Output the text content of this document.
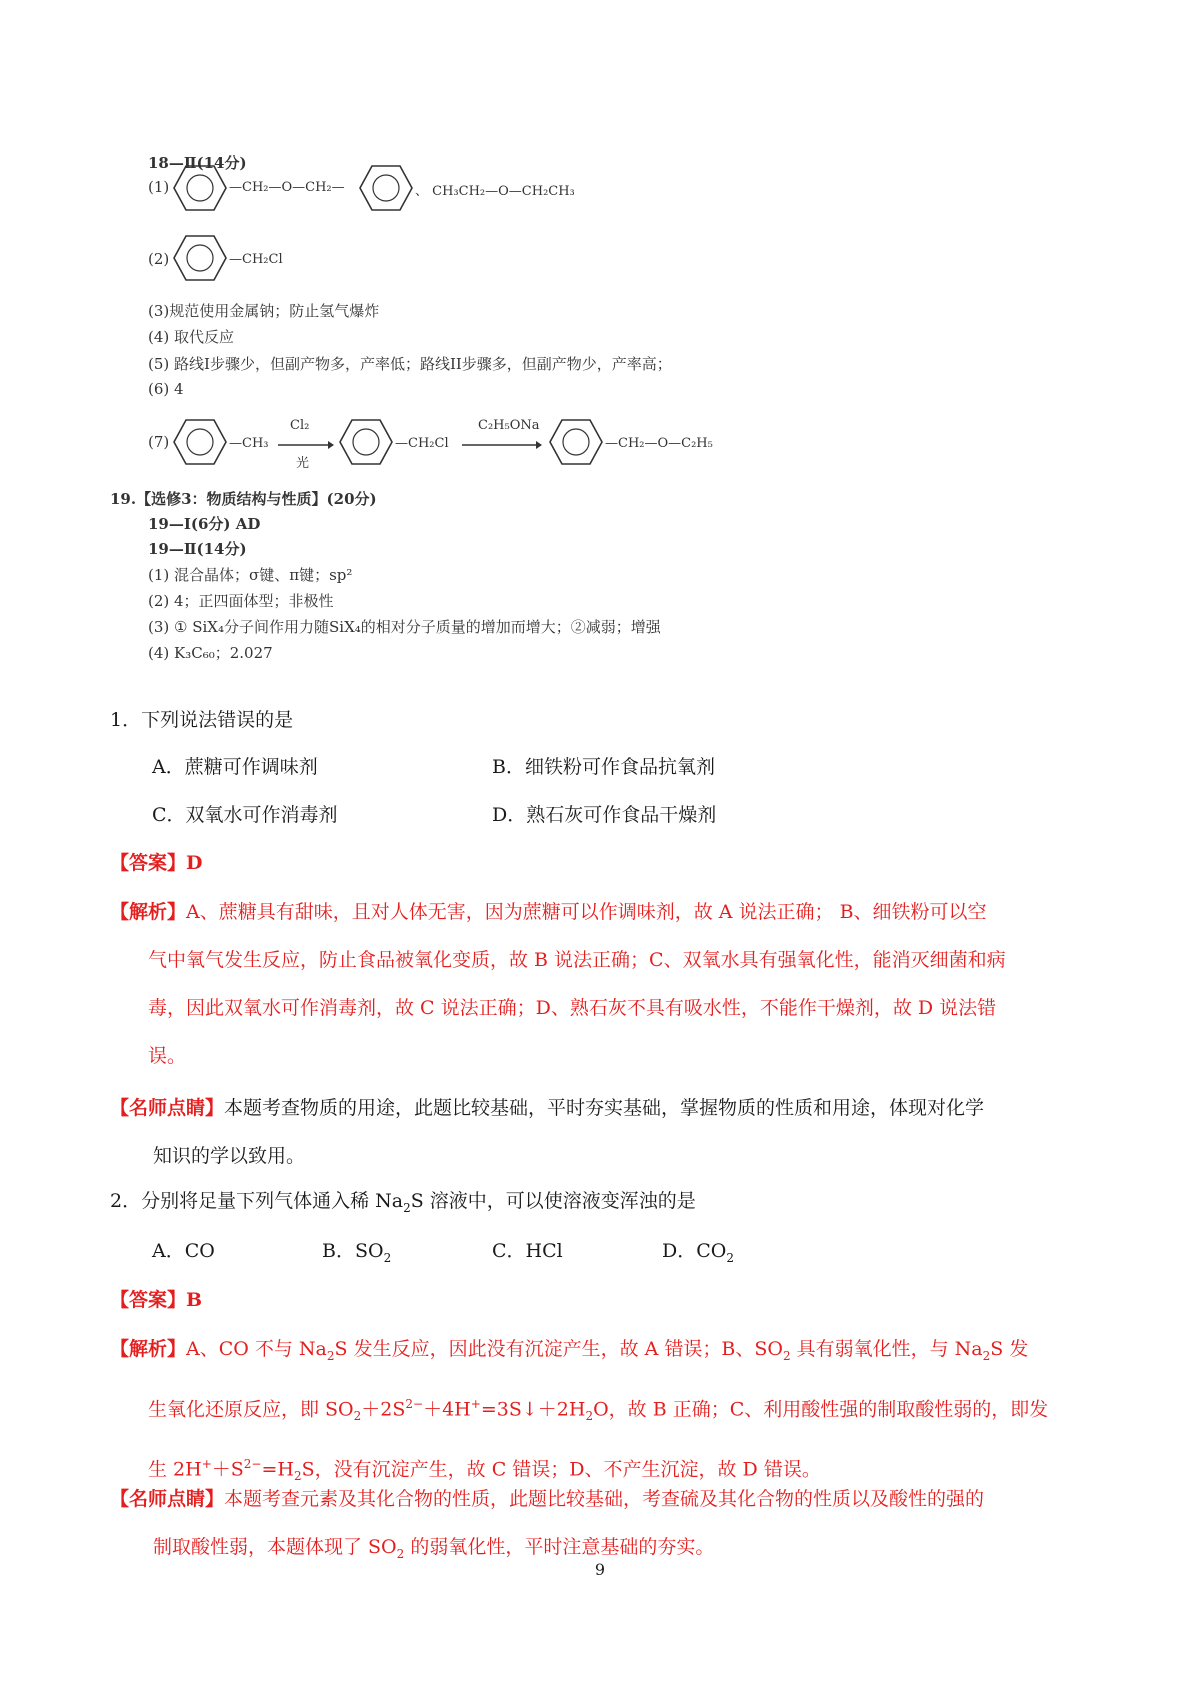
18—Ⅱ(14分)
(1)	—CH₂—O—CH₂—	、 CH₃CH₂—O—CH₂CH₃
(2)	—CH₂Cl
(3)规范使用金属钠；防止氢气爆炸
(4) 取代反应
(5) 路线I步骤少，但副产物多，产率低；路线II步骤多，但副产物少，产率高；
(6) 4
(7)	—CH₃
Cl₂
光
—CH₂Cl
C₂H₅ONa
—CH₂—O—C₂H₅
19.【选修3：物质结构与性质】(20分)
19—Ⅰ(6分) AD
19—Ⅱ(14分)
(1) 混合晶体；σ键、π键；sp²
(2) 4；正四面体型；非极性
(3) ① SiX₄分子间作用力随SiX₄的相对分子质量的增加而增大；②减弱；增强
(4) K₃C₆₀；2.027
1．下列说法错误的是
A．蔗糖可作调味剂	B．细铁粉可作食品抗氧剂
C．双氧水可作消毒剂	D．熟石灰可作食品干燥剂
【答案】D
【解析】A、蔗糖具有甜味，且对人体无害，因为蔗糖可以作调味剂，故 A 说法正确； B、细铁粉可以空
气中氧气发生反应，防止食品被氧化变质，故 B 说法正确；C、双氧水具有强氧化性，能消灭细菌和病
毒，因此双氧水可作消毒剂，故 C 说法正确；D、熟石灰不具有吸水性，不能作干燥剂，故 D 说法错
误。
【名师点睛】本题考查物质的用途，此题比较基础，平时夯实基础，掌握物质的性质和用途，体现对化学
知识的学以致用。
2．分别将足量下列气体通入稀 $Na_2S$ 溶液中，可以使溶液变浑浊的是
A．CO	B．$SO_2$	C．HCl	D．$CO_2$
【答案】B
【解析】A、CO 不与 $Na_2S$ 发生反应，因此没有沉淀产生，故 A 错误；B、$SO_2$ 具有弱氧化性，与 $Na_2S$ 发
生氧化还原反应，即 $SO_2+2S^{2-}+4H^+=3S↓+2H_2O$，故 B 正确；C、利用酸性强的制取酸性弱的，即发
生 $2H^++S^{2-}=H_2S$，没有沉淀产生，故 C 错误；D、不产生沉淀，故 D 错误。
【名师点睛】本题考查元素及其化合物的性质，此题比较基础，考查硫及其化合物的性质以及酸性的强的
制取酸性弱，本题体现了 $SO_2$ 的弱氧化性，平时注意基础的夯实。
9
